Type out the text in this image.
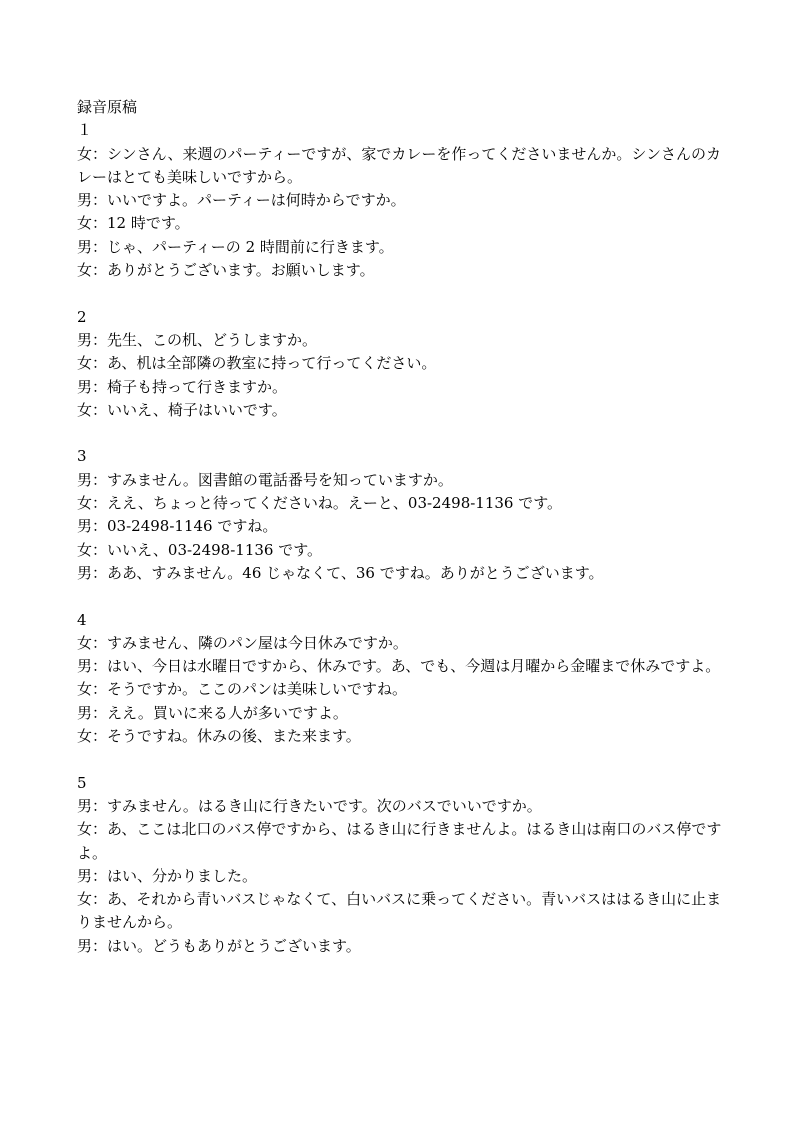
録音原稿

１

女：シンさん、来週のパーティーですが、家でカレーを作ってくださいませんか。シンさんのカレーはとても美味しいですから。

男：いいですよ。パーティーは何時からですか。

女：12 時です。

男：じゃ、パーティーの 2 時間前に行きます。

女：ありがとうございます。お願いします。

2

男：先生、この机、どうしますか。

女：あ、机は全部隣の教室に持って行ってください。

男：椅子も持って行きますか。

女：いいえ、椅子はいいです。

3

男：すみません。図書館の電話番号を知っていますか。

女：ええ、ちょっと待ってくださいね。えーと、03-2498-1136 です。

男：03-2498-1146 ですね。

女：いいえ、03-2498-1136 です。

男：ああ、すみません。46 じゃなくて、36 ですね。ありがとうございます。

4

女：すみません、隣のパン屋は今日休みですか。

男：はい、今日は水曜日ですから、休みです。あ、でも、今週は月曜から金曜まで休みですよ。

女：そうですか。ここのパンは美味しいですね。

男：ええ。買いに来る人が多いですよ。

女：そうですね。休みの後、また来ます。

5

男：すみません。はるき山に行きたいです。次のバスでいいですか。

女：あ、ここは北口のバス停ですから、はるき山に行きませんよ。はるき山は南口のバス停ですよ。

男：はい、分かりました。

女：あ、それから青いバスじゃなくて、白いバスに乗ってください。青いバスははるき山に止まりませんから。

男：はい。どうもありがとうございます。
